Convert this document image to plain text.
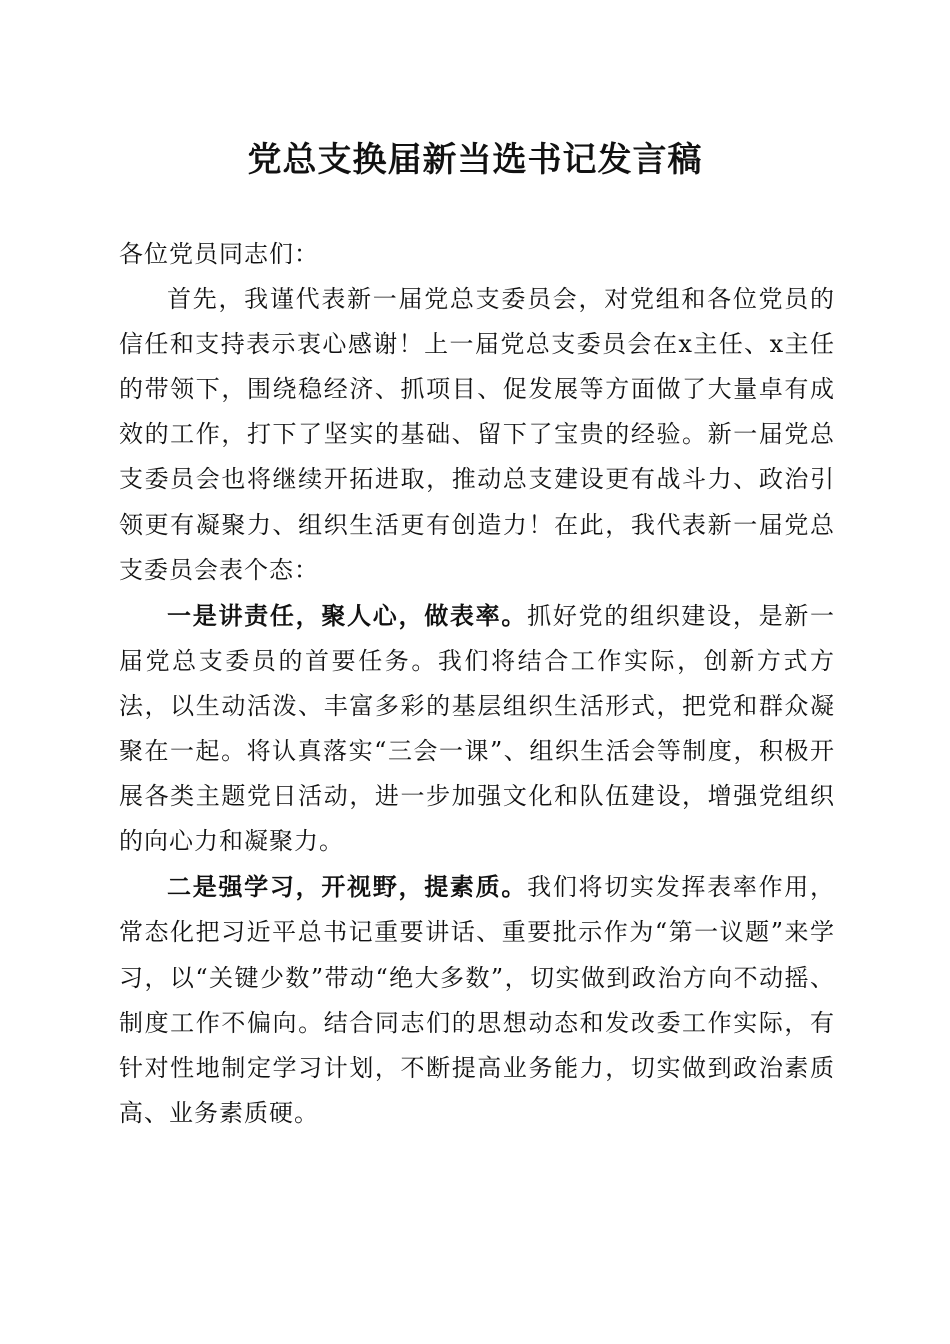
党总支换届新当选书记发言稿

各位党员同志们：

首先，我谨代表新一届党总支委员会，对党组和各位党员的信任和支持表示衷心感谢！上一届党总支委员会在x主任、x主任的带领下，围绕稳经济、抓项目、促发展等方面做了大量卓有成效的工作，打下了坚实的基础、留下了宝贵的经验。新一届党总支委员会也将继续开拓进取，推动总支建设更有战斗力、政治引领更有凝聚力、组织生活更有创造力！在此，我代表新一届党总支委员会表个态：

一是讲责任，聚人心，做表率。抓好党的组织建设，是新一届党总支委员的首要任务。我们将结合工作实际，创新方式方法，以生动活泼、丰富多彩的基层组织生活形式，把党和群众凝聚在一起。将认真落实“三会一课”、组织生活会等制度，积极开展各类主题党日活动，进一步加强文化和队伍建设，增强党组织的向心力和凝聚力。

二是强学习，开视野，提素质。我们将切实发挥表率作用，常态化把习近平总书记重要讲话、重要批示作为“第一议题”来学习，以“关键少数”带动“绝大多数”，切实做到政治方向不动摇、制度工作不偏向。结合同志们的思想动态和发改委工作实际，有针对性地制定学习计划，不断提高业务能力，切实做到政治素质高、业务素质硬。
